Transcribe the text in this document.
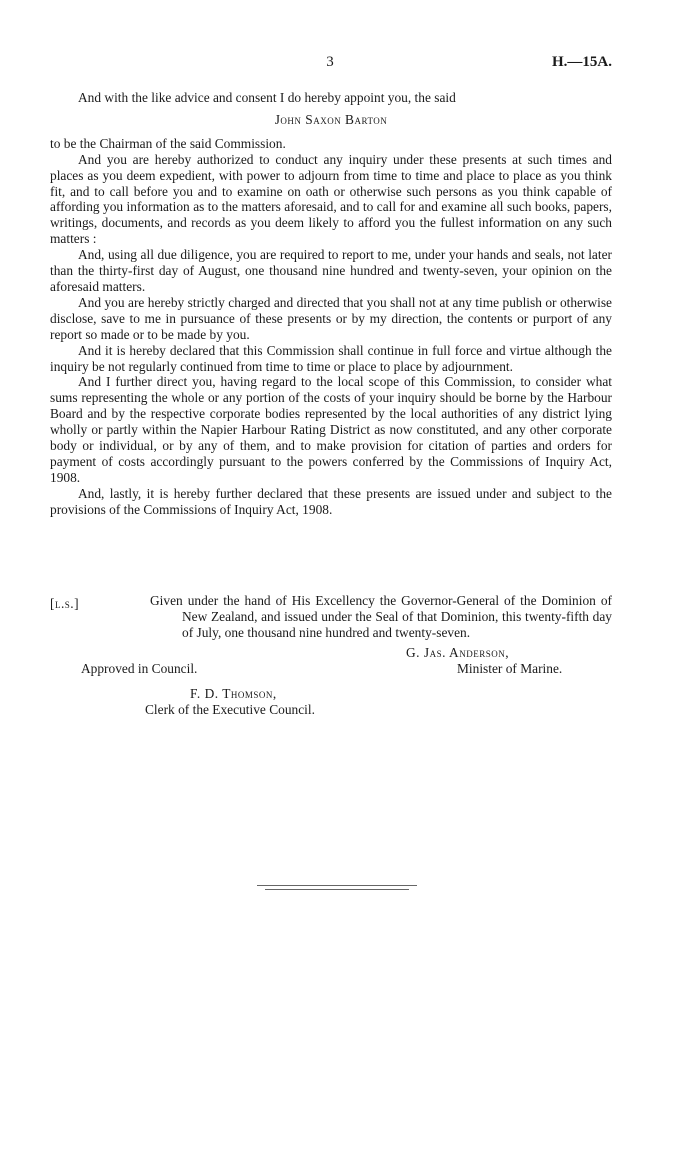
3	H.—15A.

And with the like advice and consent I do hereby appoint you, the said

John Saxon Barton

to be the Chairman of the said Commission.

And you are hereby authorized to conduct any inquiry under these presents at such times and places as you deem expedient, with power to adjourn from time to time and place to place as you think fit, and to call before you and to examine on oath or otherwise such persons as you think capable of affording you information as to the matters aforesaid, and to call for and examine all such books, papers, writings, documents, and records as you deem likely to afford you the fullest information on any such matters :

And, using all due diligence, you are required to report to me, under your hands and seals, not later than the thirty-first day of August, one thousand nine hundred and twenty-seven, your opinion on the aforesaid matters.

And you are hereby strictly charged and directed that you shall not at any time publish or otherwise disclose, save to me in pursuance of these presents or by my direction, the contents or purport of any report so made or to be made by you.

And it is hereby declared that this Commission shall continue in full force and virtue although the inquiry be not regularly continued from time to time or place to place by adjournment.

And I further direct you, having regard to the local scope of this Commission, to consider what sums representing the whole or any portion of the costs of your inquiry should be borne by the Harbour Board and by the respective corporate bodies represented by the local authorities of any district lying wholly or partly within the Napier Harbour Rating District as now constituted, and any other corporate body or individual, or by any of them, and to make provision for citation of parties and orders for payment of costs accordingly pursuant to the powers conferred by the Commissions of Inquiry Act, 1908.

And, lastly, it is hereby further declared that these presents are issued under and subject to the provisions of the Commissions of Inquiry Act, 1908.

[l.s.]	Given under the hand of His Excellency the Governor-General of the Dominion of New Zealand, and issued under the Seal of that Dominion, this twenty-fifth day of July, one thousand nine hundred and twenty-seven.

G. Jas. Anderson,
Minister of Marine.
Approved in Council.
F. D. Thomson,
Clerk of the Executive Council.
